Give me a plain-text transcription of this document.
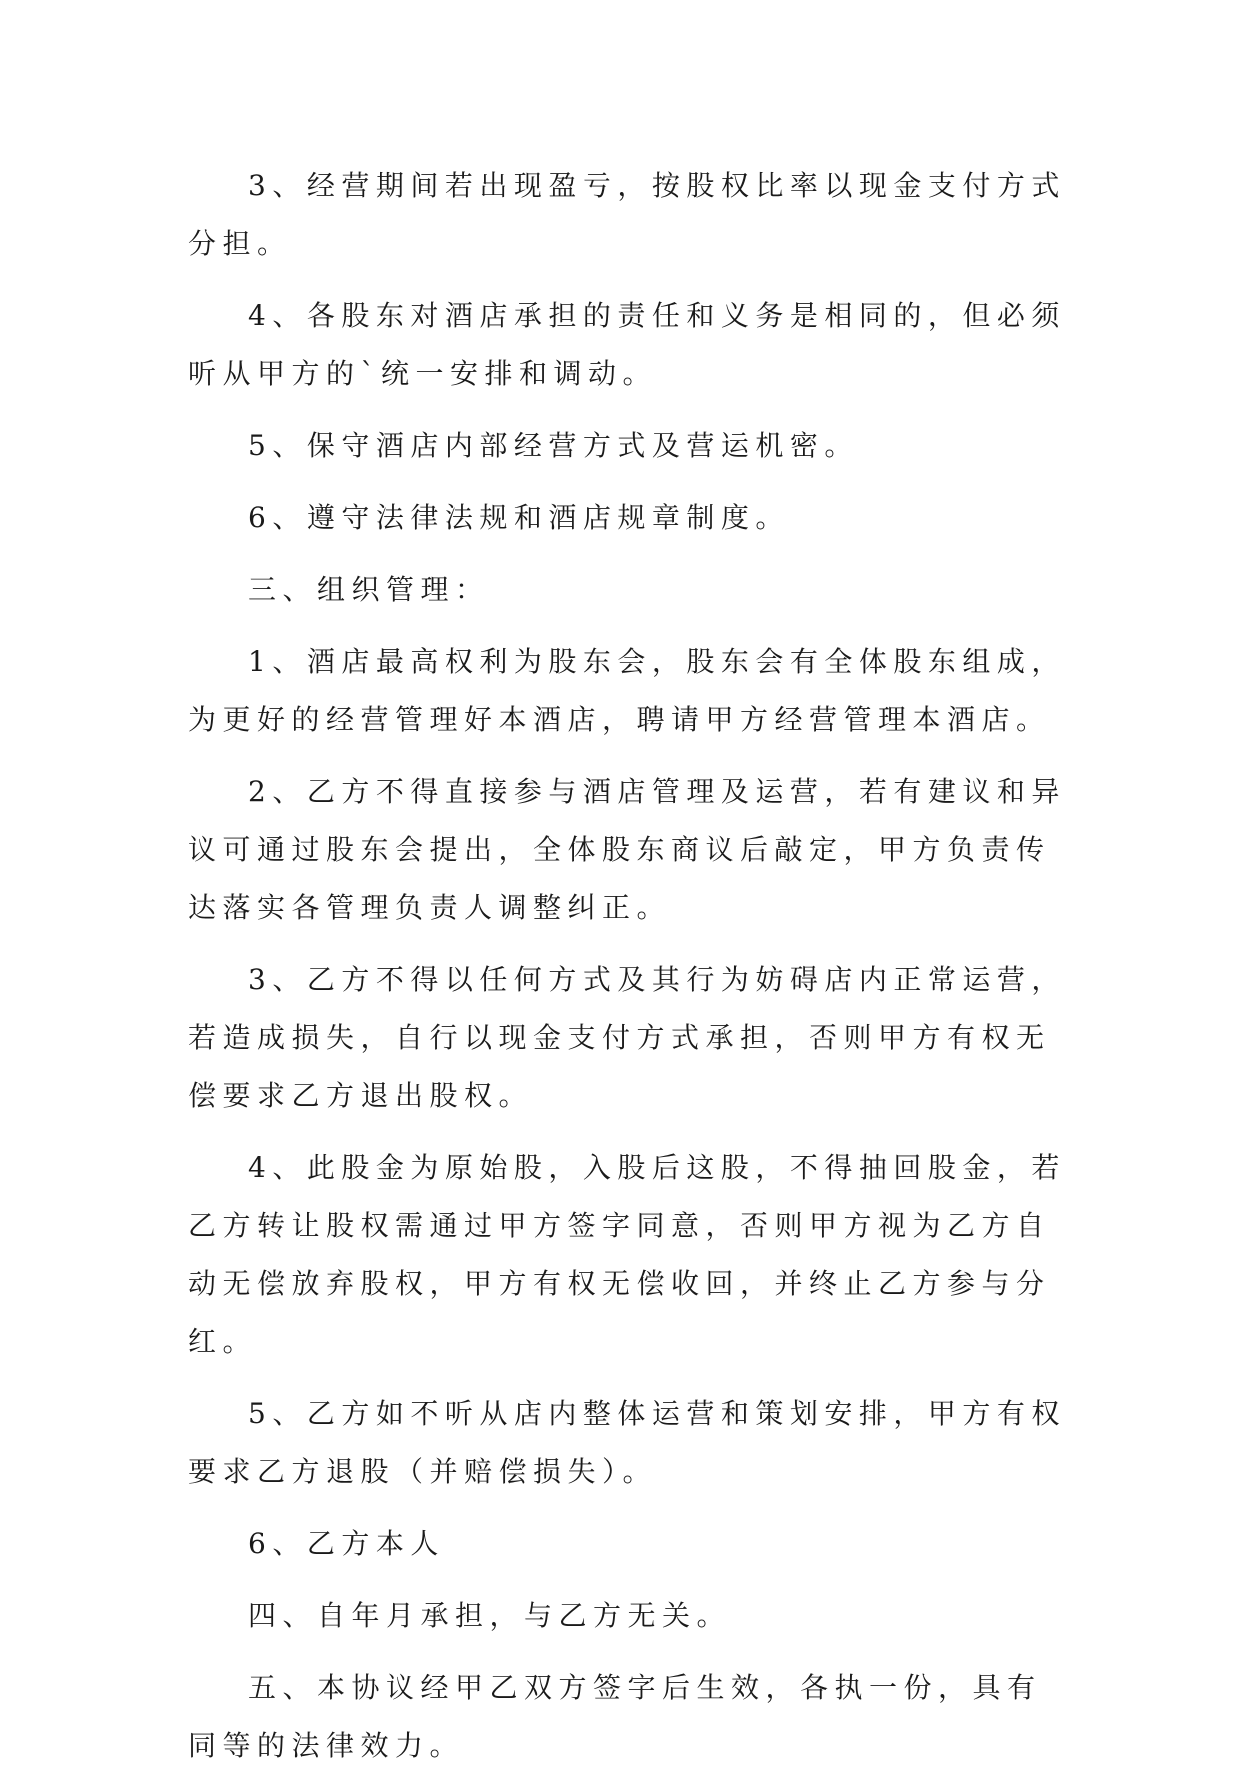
3、经营期间若出现盈亏，按股权比率以现金支付方式分担。

4、各股东对酒店承担的责任和义务是相同的，但必须听从甲方的`统一安排和调动。

5、保守酒店内部经营方式及营运机密。

6、遵守法律法规和酒店规章制度。

三、组织管理：

1、酒店最高权利为股东会，股东会有全体股东组成，为更好的经营管理好本酒店，聘请甲方经营管理本酒店。

2、乙方不得直接参与酒店管理及运营，若有建议和异议可通过股东会提出，全体股东商议后敲定，甲方负责传达落实各管理负责人调整纠正。

3、乙方不得以任何方式及其行为妨碍店内正常运营，若造成损失，自行以现金支付方式承担，否则甲方有权无偿要求乙方退出股权。

4、此股金为原始股，入股后这股，不得抽回股金，若乙方转让股权需通过甲方签字同意，否则甲方视为乙方自动无偿放弃股权，甲方有权无偿收回，并终止乙方参与分红。

5、乙方如不听从店内整体运营和策划安排，甲方有权要求乙方退股（并赔偿损失）。

6、乙方本人

四、自年月承担，与乙方无关。

五、本协议经甲乙双方签字后生效，各执一份，具有同等的法律效力。
